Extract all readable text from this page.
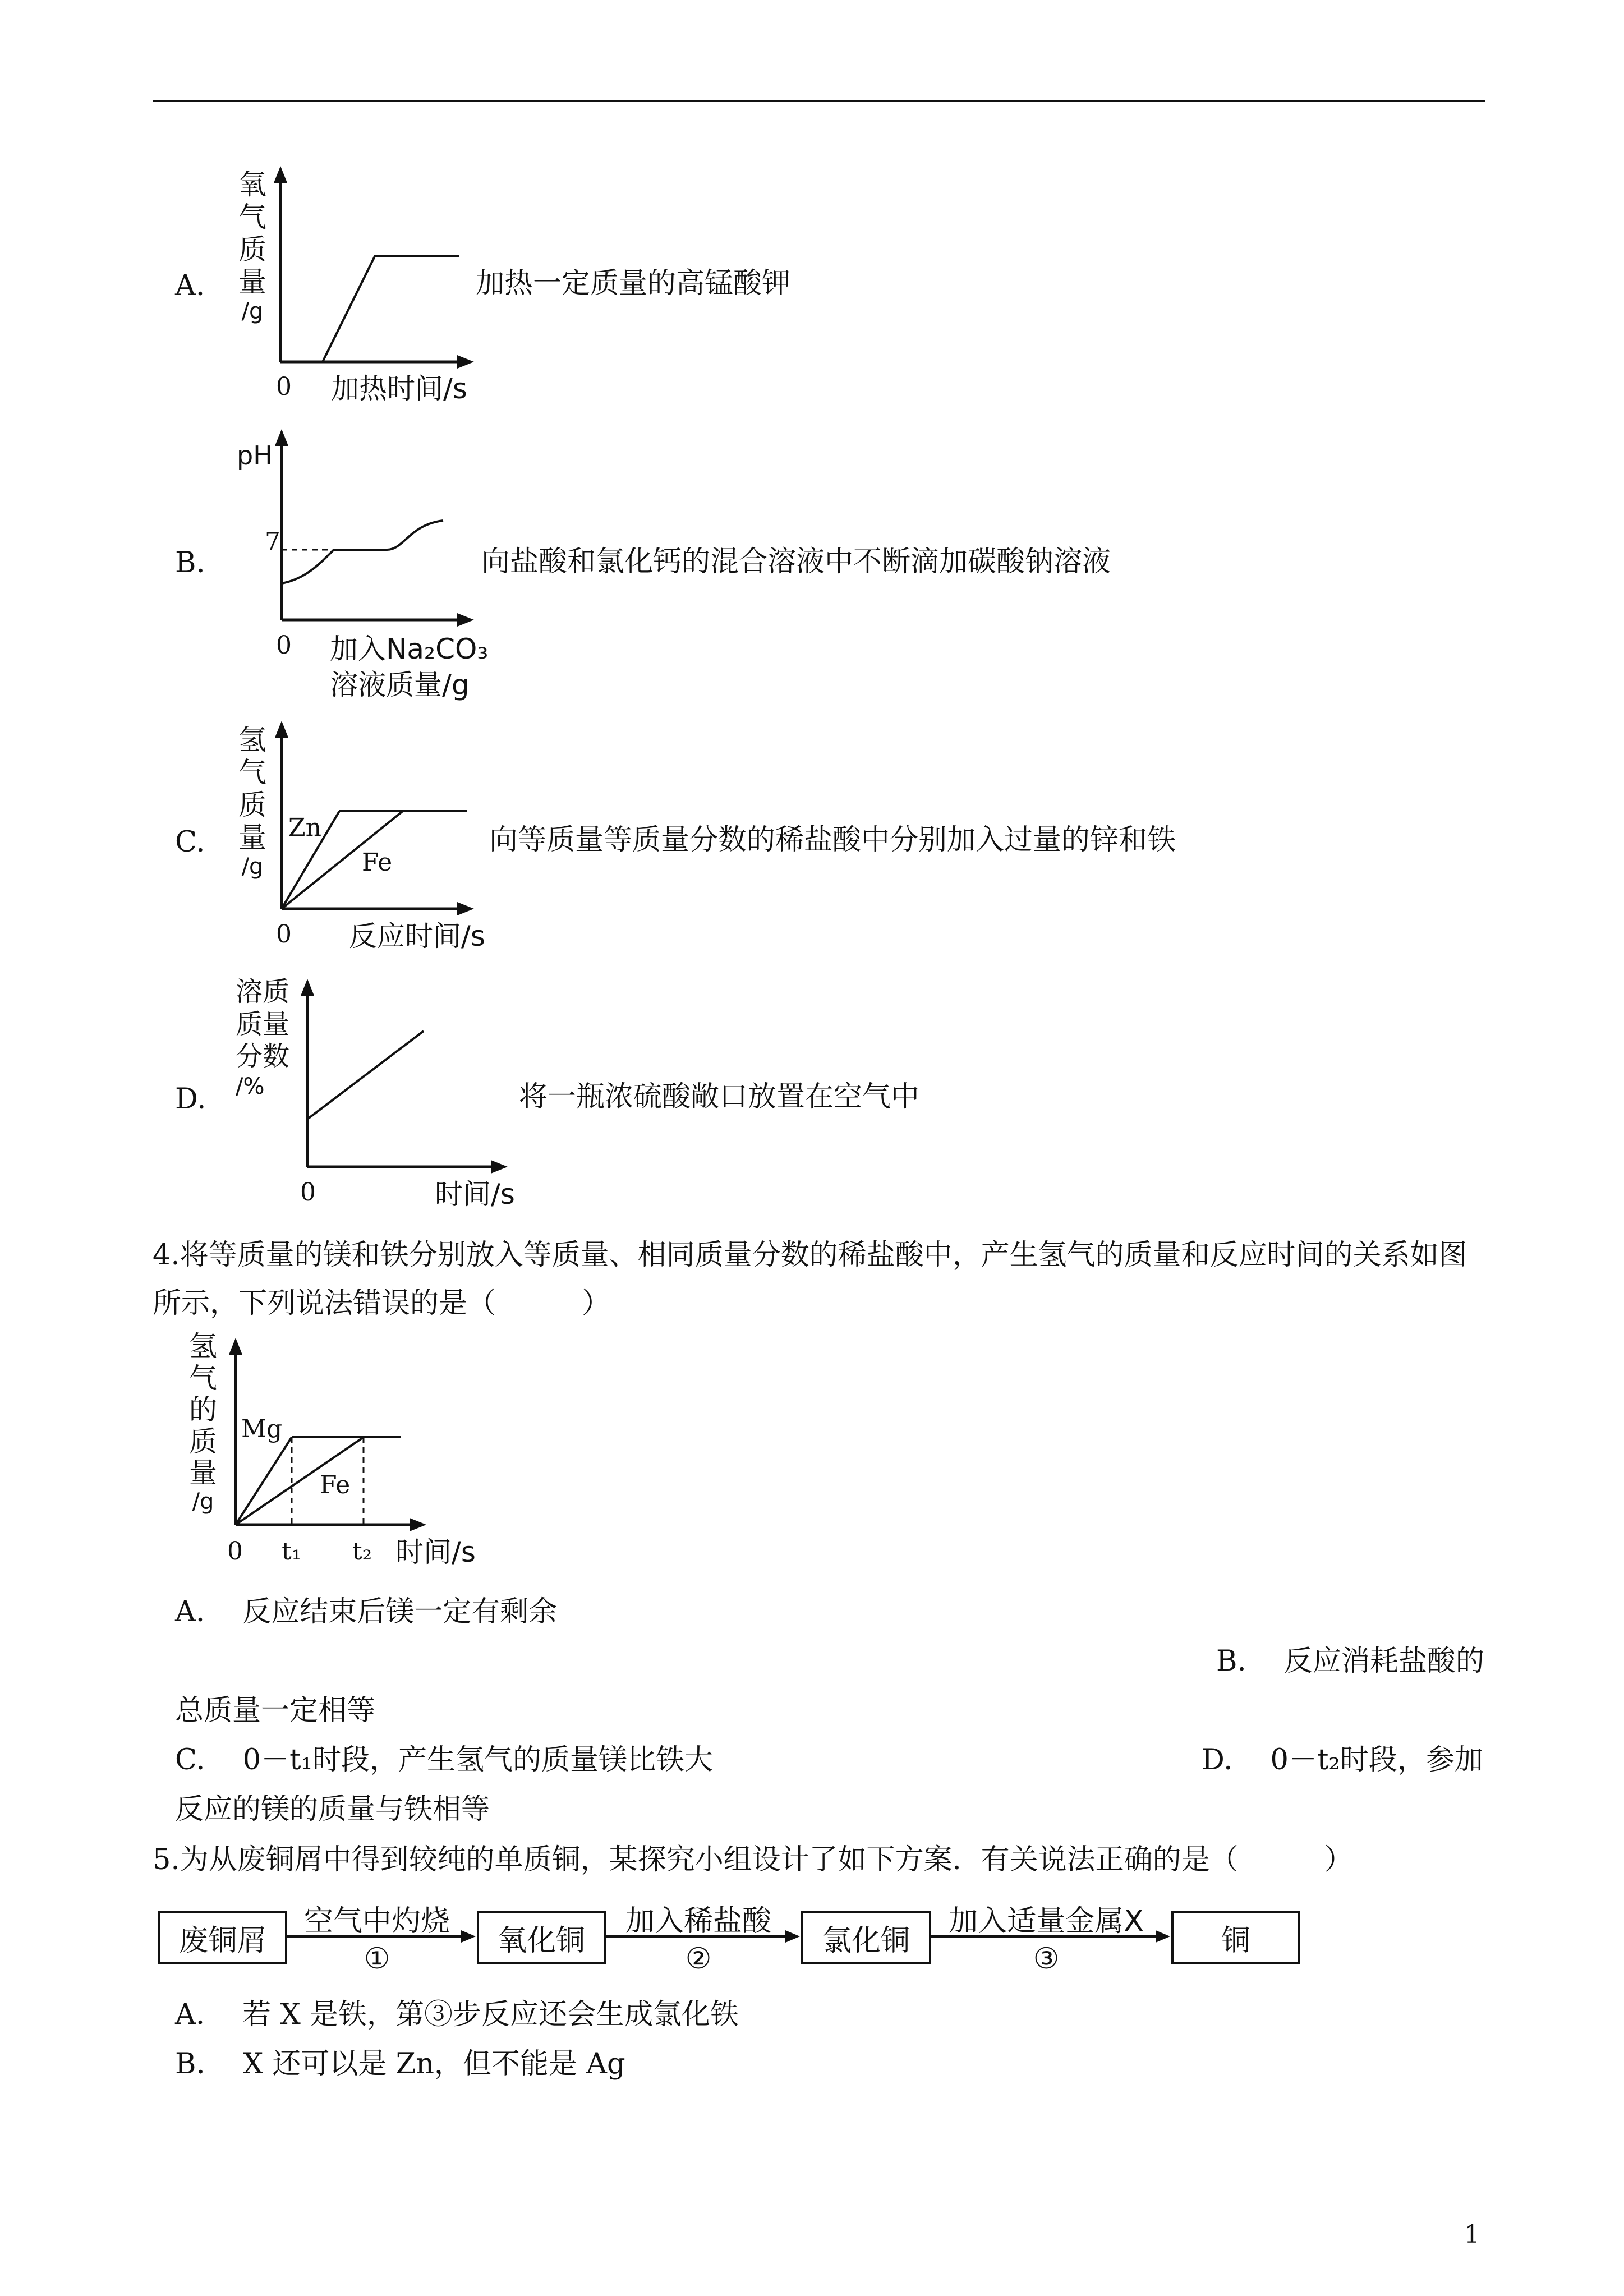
A.
氧
气
质
量
/g
0 加热时间/s
加热一定质量的高锰酸钾
B.
pH
7
0 加入Na₂CO₃
溶液质量/g
向盐酸和氯化钙的混合溶液中不断滴加碳酸钠溶液
C.
氢
气
质
量
/g
Zn
Fe
0 反应时间/s
向等质量等质量分数的稀盐酸中分别加入过量的锌和铁
D.
溶质
质量
分数
/%
0	时间/s
将一瓶浓硫酸敞口放置在空气中
4.将等质量的镁和铁分别放入等质量、相同质量分数的稀盐酸中，产生氢气的质量和反应时间的关系如图
所示，下列说法错误的是（　　　）
氢
气
的
质
量
/g
Mg
Fe
0 t₁ t₂ 时间/s
A.　 反应结束后镁一定有剩余
B.　 反应消耗盐酸的
总质量一定相等
C.　 0－t₁时段，产生氢气的质量镁比铁大	D.　 0－t₂时段，参加
反应的镁的质量与铁相等
5.为从废铜屑中得到较纯的单质铜，某探究小组设计了如下方案．有关说法正确的是（　　　）
废铜屑	氧化铜	氯化铜	铜
空气中灼烧
①
加入稀盐酸
②
加入适量金属X
③
A.　 若 X 是铁，第③步反应还会生成氯化铁
B.　 X 还可以是 Zn，但不能是 Ag
1
